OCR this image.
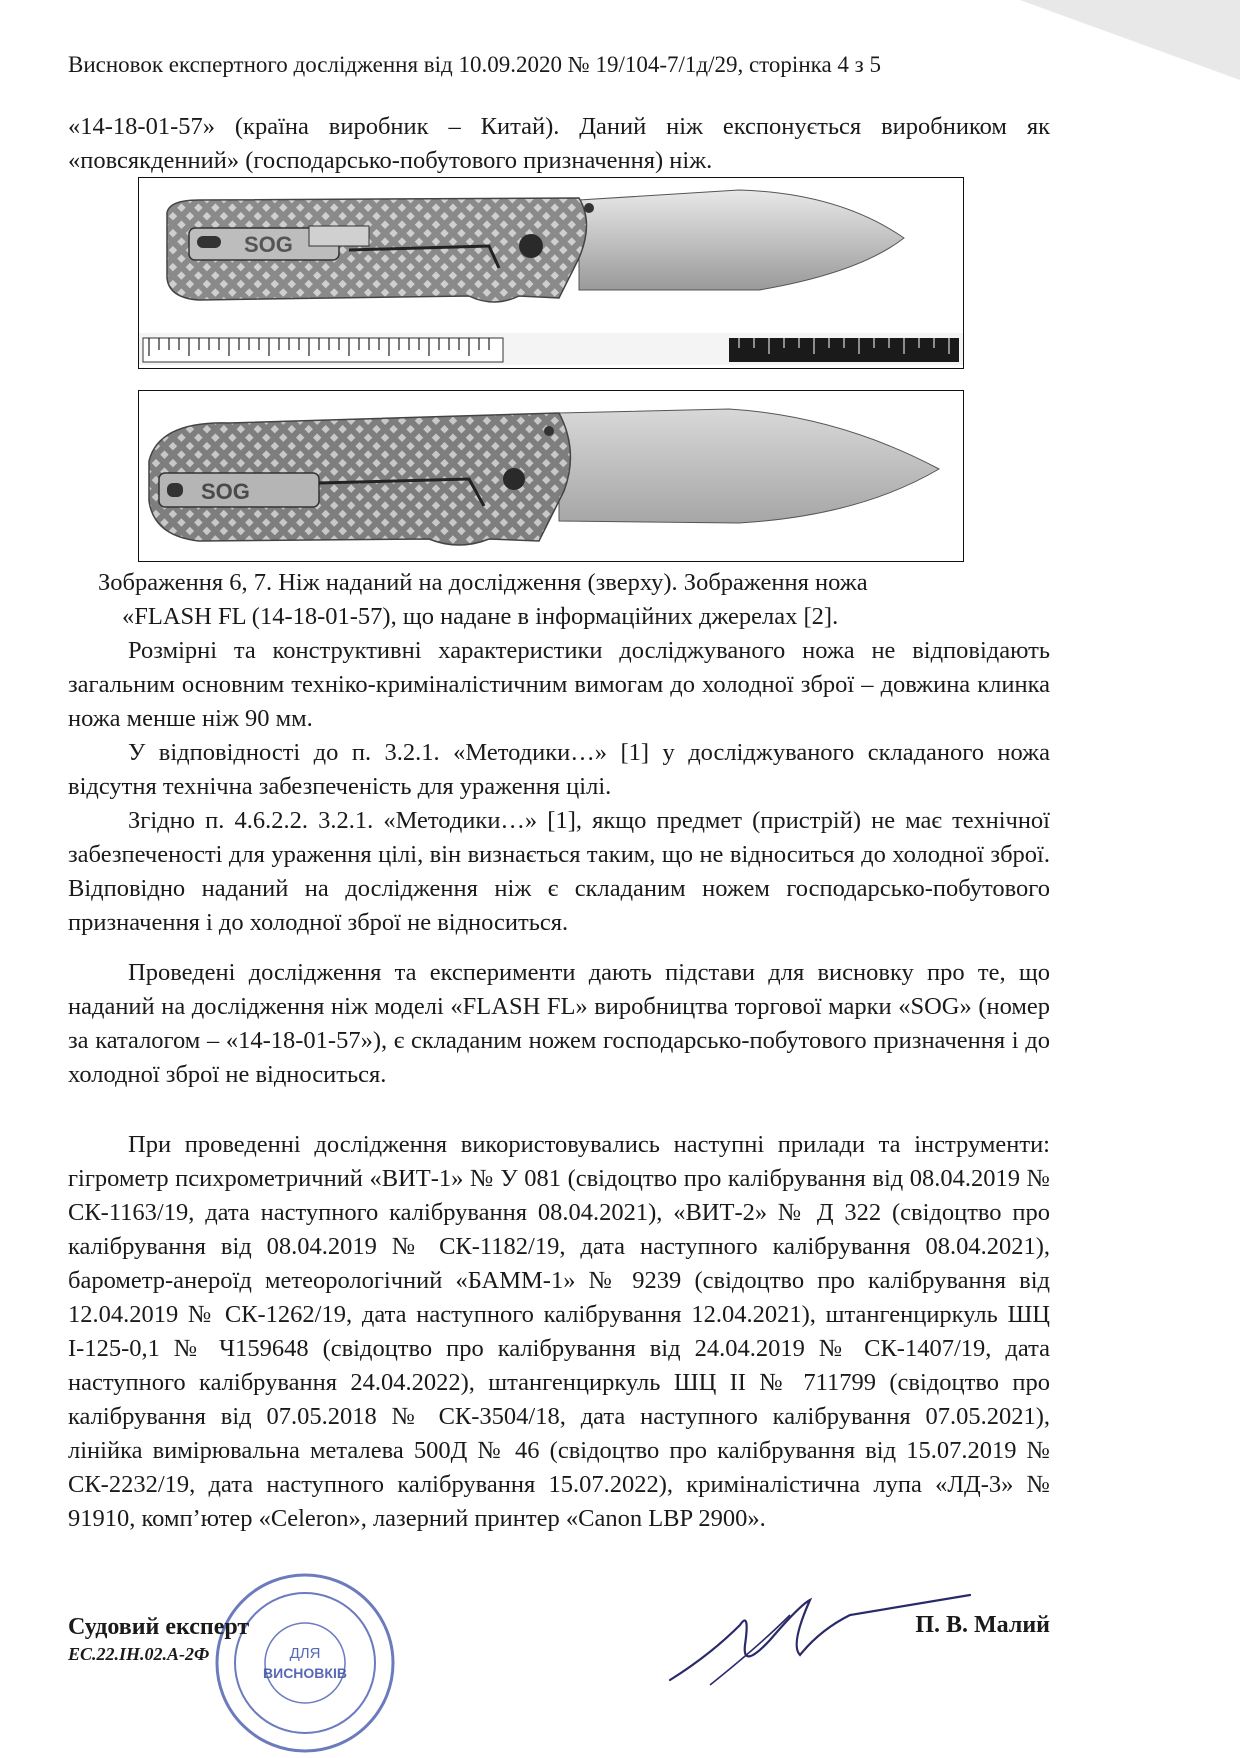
Висновок експертного дослідження від 10.09.2020 № 19/104-7/1д/29, сторінка 4 з 5
«14-18-01-57» (країна виробник – Китай). Даний ніж експонується виробником як «повсякденний» (господарсько-побутового призначення) ніж.
SOG
SOG
Зображення 6, 7. Ніж наданий на дослідження (зверху). Зображення ножа
«FLASH FL (14-18-01-57), що надане в інформаційних джерелах [2].
Розмірні та конструктивні характеристики досліджуваного ножа не відповідають загальним основним техніко-криміналістичним вимогам до холодної зброї – довжина клинка ножа менше ніж 90 мм.
У відповідності до п. 3.2.1. «Методики…» [1] у досліджуваного складаного ножа відсутня технічна забезпеченість для ураження цілі.
Згідно п. 4.6.2.2. 3.2.1. «Методики…» [1], якщо предмет (пристрій) не має технічної забезпеченості для ураження цілі, він визнається таким, що не відноситься до холодної зброї. Відповідно наданий на дослідження ніж є складаним ножем господарсько-побутового призначення і до холодної зброї не відноситься.
Проведені дослідження та експерименти дають підстави для висновку про те, що наданий на дослідження ніж моделі «FLASH FL» виробництва торгової марки «SOG» (номер за каталогом – «14-18-01-57»), є складаним ножем господарсько-побутового призначення і до холодної зброї не відноситься.
При проведенні дослідження використовувались наступні прилади та інструменти: гігрометр психрометричний «ВИТ-1» № У 081 (свідоцтво про калібрування від 08.04.2019 № СК-1163/19, дата наступного калібрування 08.04.2021), «ВИТ-2» № Д 322 (свідоцтво про калібрування від 08.04.2019 № СК-1182/19, дата наступного калібрування 08.04.2021), барометр-анероїд метеорологічний «БАММ-1» № 9239 (свідоцтво про калібрування від 12.04.2019 № СК-1262/19, дата наступного калібрування 12.04.2021), штангенциркуль ШЦ І-125-0,1 № Ч159648 (свідоцтво про калібрування від 24.04.2019 № СК-1407/19, дата наступного калібрування 24.04.2022), штангенциркуль ШЦ ІІ № 711799 (свідоцтво про калібрування від 07.05.2018 № СК-3504/18, дата наступного калібрування 07.05.2021), лінійка вимірювальна металева 500Д № 46 (свідоцтво про калібрування від 15.07.2019 № СК-2232/19, дата наступного калібрування 15.07.2022), криміналістична лупа «ЛД-3» № 91910, комп’ютер «Celeron», лазерний принтер «Canon LBP 2900».
ДЛЯ
ВИСНОВКІВ
Судовий експерт
ЕС.22.ІН.02.А-2Ф
П. В. Малий
